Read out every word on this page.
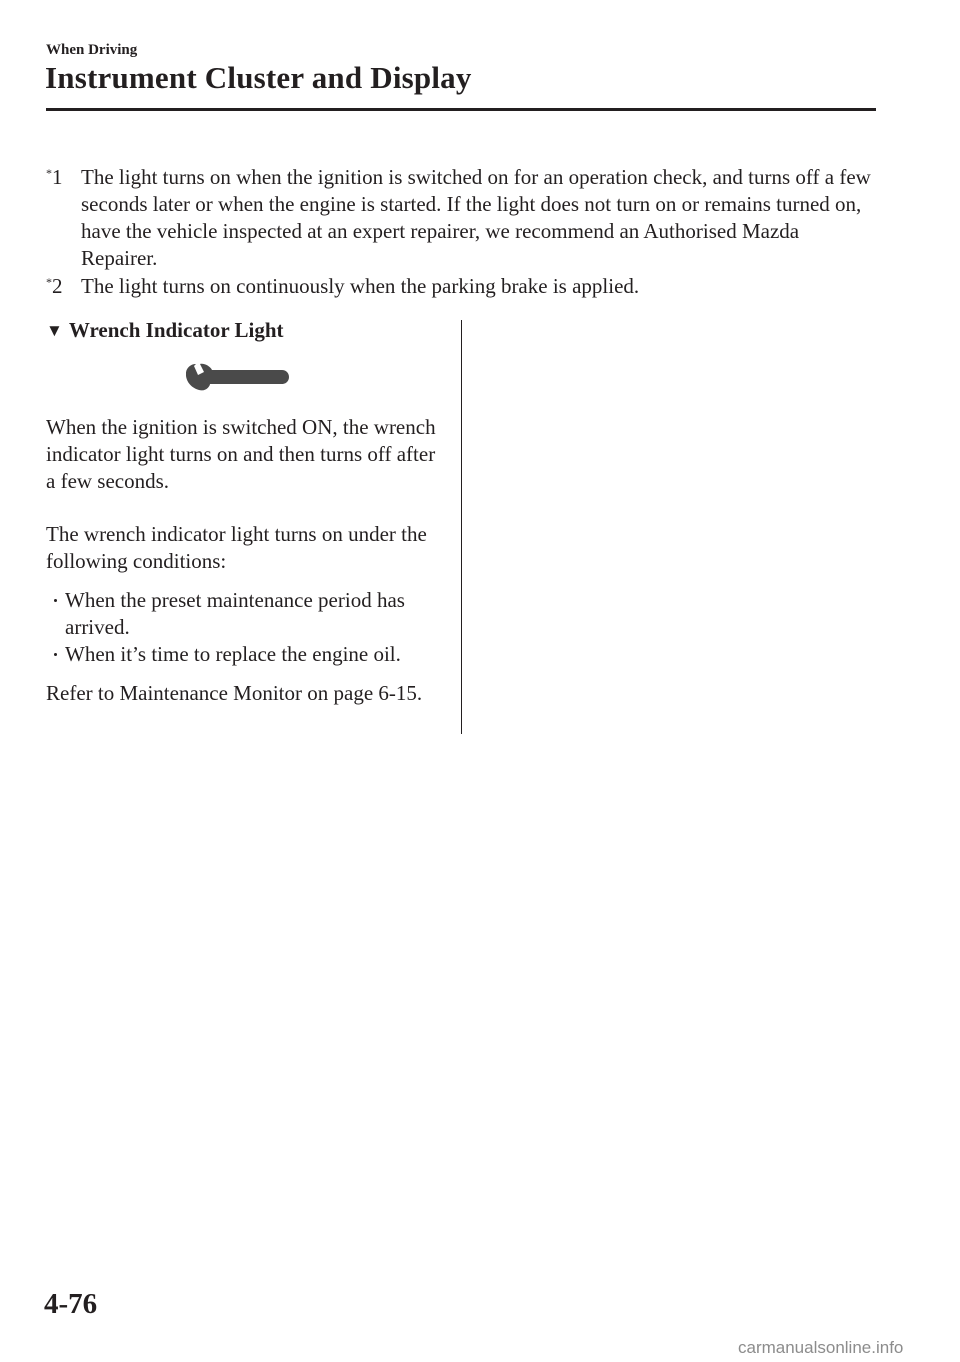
When Driving
Instrument Cluster and Display
*1 The light turns on when the ignition is switched on for an operation check, and turns off a few seconds later or when the engine is started. If the light does not turn on or remains turned on, have the vehicle inspected at an expert repairer, we recommend an Authorised Mazda Repairer.
*2 The light turns on continuously when the parking brake is applied.
▼ Wrench Indicator Light
When the ignition is switched ON, the wrench indicator light turns on and then turns off after a few seconds.
The wrench indicator light turns on under the following conditions:
When the preset maintenance period has arrived.
When it’s time to replace the engine oil.
Refer to Maintenance Monitor on page 6-15.
4-76
carmanualsonline.info
